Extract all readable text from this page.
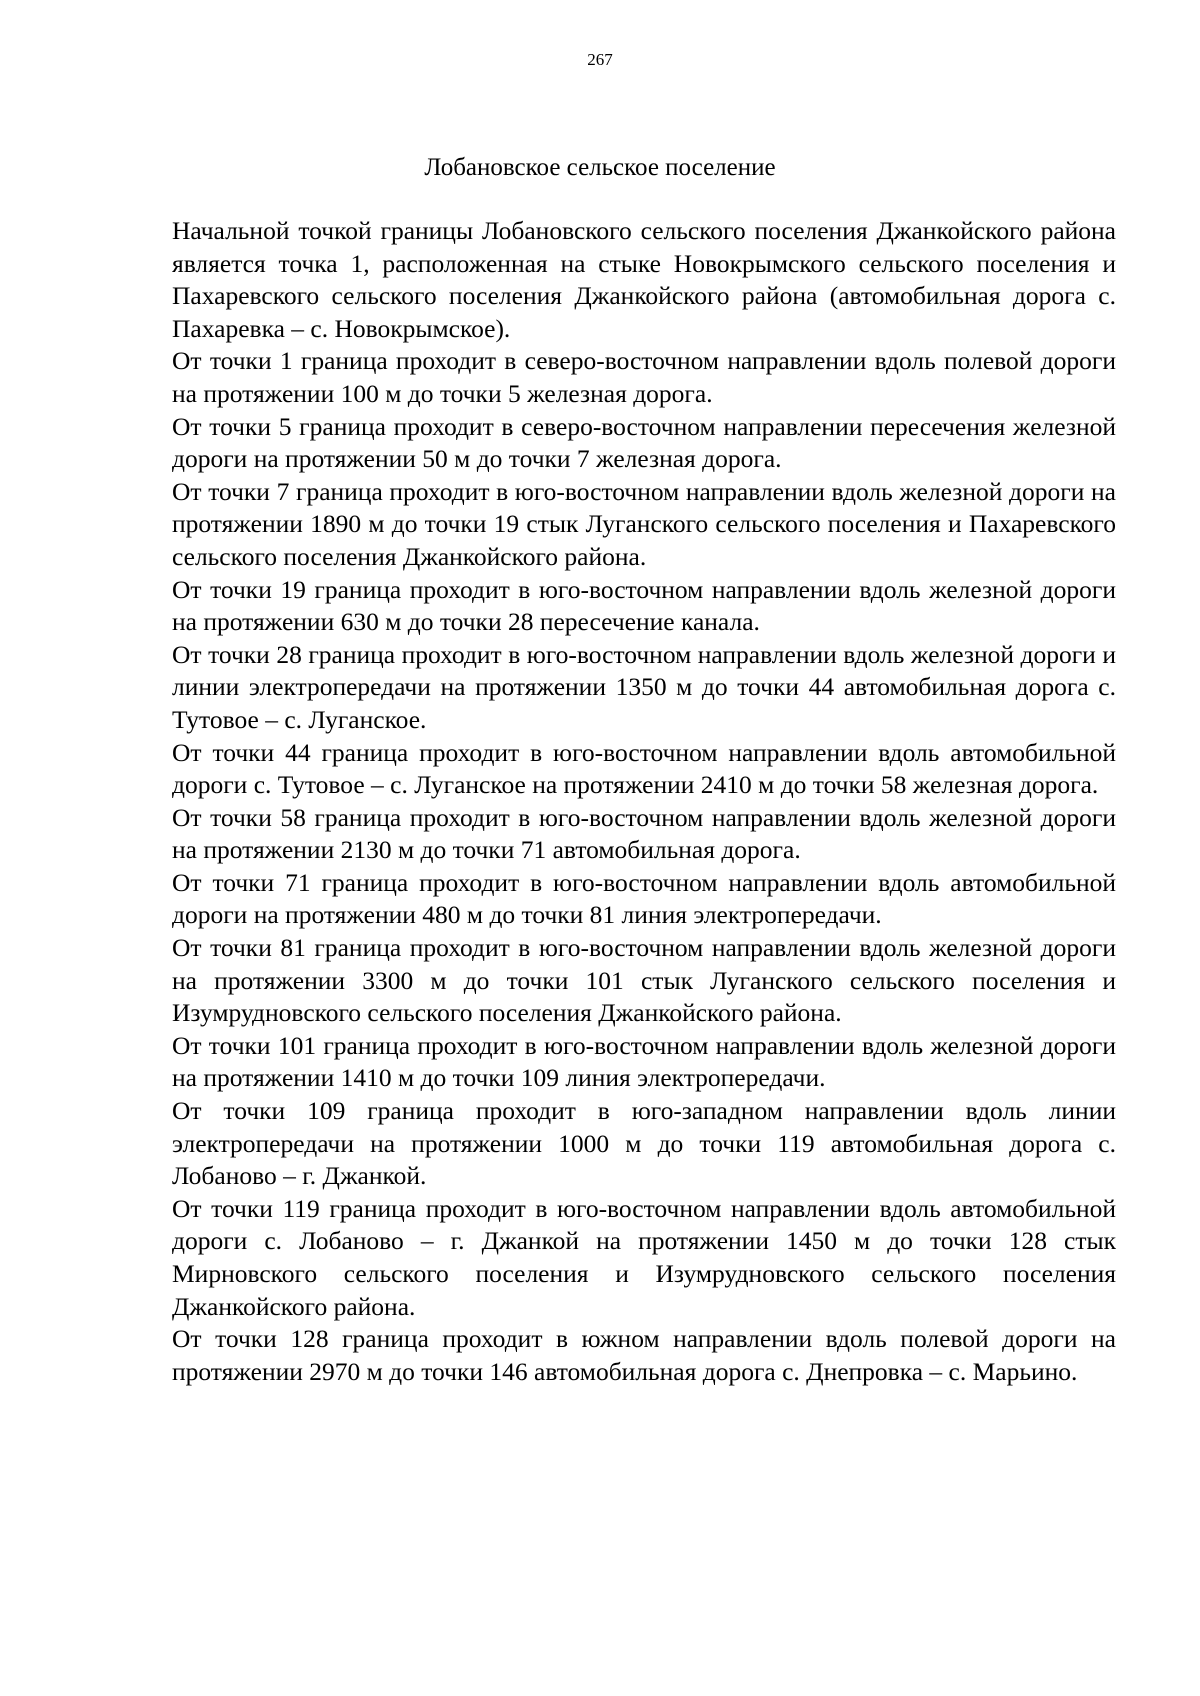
267
Лобановское сельское поселение

Начальной точкой границы Лобановского сельского поселения Джанкойского района является точка 1, расположенная на стыке Новокрымского сельского поселения и Пахаревского сельского поселения Джанкойского района (автомобильная дорога с. Пахаревка – с. Новокрымское).

От точки 1 граница проходит в северо-восточном направлении вдоль полевой дороги на протяжении 100 м до точки 5 железная дорога.

От точки 5 граница проходит в северо-восточном направлении пересечения железной дороги на протяжении 50 м до точки 7 железная дорога.

От точки 7 граница проходит в юго-восточном направлении вдоль железной дороги на протяжении 1890 м до точки 19 стык Луганского сельского поселения и Пахаревского сельского поселения Джанкойского района.

От точки 19 граница проходит в юго-восточном направлении вдоль железной дороги на протяжении 630 м до точки 28 пересечение канала.

От точки 28 граница проходит в юго-восточном направлении вдоль железной дороги и линии электропередачи на протяжении 1350 м до точки 44 автомобильная дорога с. Тутовое – с. Луганское.

От точки 44 граница проходит в юго-восточном направлении вдоль автомобильной дороги с. Тутовое – с. Луганское на протяжении 2410 м до точки 58 железная дорога.

От точки 58 граница проходит в юго-восточном направлении вдоль железной дороги на протяжении 2130 м до точки 71 автомобильная дорога.

От точки 71 граница проходит в юго-восточном направлении вдоль автомобильной дороги на протяжении 480 м до точки 81 линия электропередачи.

От точки 81 граница проходит в юго-восточном направлении вдоль железной дороги на протяжении 3300 м до точки 101 стык Луганского сельского поселения и Изумрудновского сельского поселения Джанкойского района.

От точки 101 граница проходит в юго-восточном направлении вдоль железной дороги на протяжении 1410 м до точки 109 линия электропередачи.

От точки 109 граница проходит в юго-западном направлении вдоль линии электропередачи на протяжении 1000 м до точки 119 автомобильная дорога с. Лобаново – г. Джанкой.

От точки 119 граница проходит в юго-восточном направлении вдоль автомобильной дороги с. Лобаново – г. Джанкой на протяжении 1450 м до точки 128 стык Мирновского сельского поселения и Изумрудновского сельского поселения Джанкойского района.

От точки 128 граница проходит в южном направлении вдоль полевой дороги на протяжении 2970 м до точки 146 автомобильная дорога с. Днепровка – с. Марьино.
